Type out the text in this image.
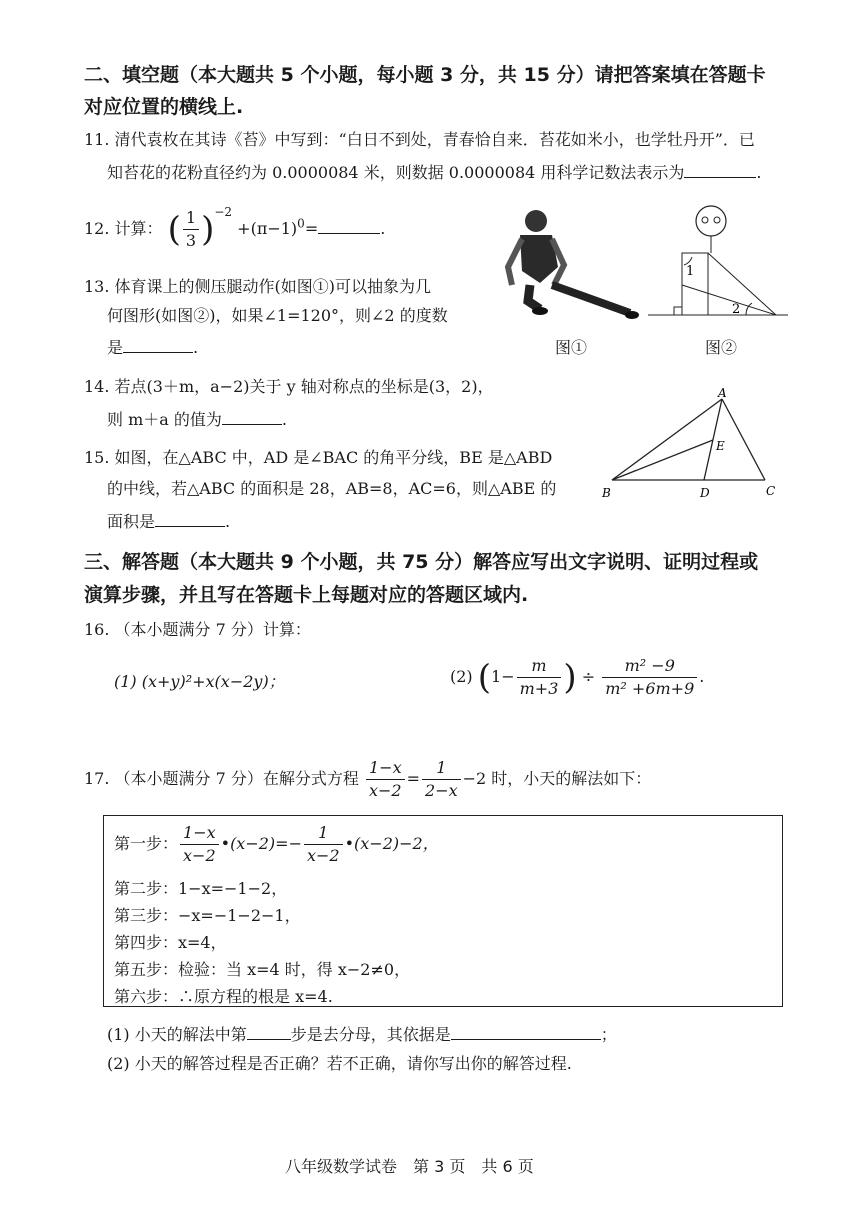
二、填空题（本大题共 5 个小题，每小题 3 分，共 15 分）请把答案填在答题卡
对应位置的横线上.
11. 清代袁枚在其诗《苔》中写到：“白日不到处，青春恰自来．苔花如米小，也学牡丹开”．已
知苔花的花粉直径约为 0.0000084 米，则数据 0.0000084 用科学记数法表示为	.
12. 计算： ( $\frac{1}{3} )^{-2} +(\pi-1)^0=$	.
13. 体育课上的侧压腿动作(如图①)可以抽象为几
何图形(如图②)，如果∠1=120°，则∠2 的度数
是	.	图①
1
2
图②
14. 若点(3＋m，a−2)关于 y 轴对称点的坐标是(3，2)，
则 m＋a 的值为	.
15. 如图，在△ABC 中，AD 是∠BAC 的角平分线，BE 是△ABD
的中线，若△ABC 的面积是 28，AB=8，AC=6，则△ABE 的
面积是	.
A
B	C
D
E
三、解答题（本大题共 9 个小题，共 75 分）解答应写出文字说明、证明过程或
演算步骤，并且写在答题卡上每题对应的答题区域内.
16. （本小题满分 7 分）计算：
(1) (x+y)²+x(x−2y)；	(2) ($1- \frac{m}{m+3}$ ) ÷ $\frac{\text{m² −9}}{\text{m² +6m+9}}$ .
17. （本小题满分 7 分）在解分式方程 $\frac{1-x}{x-2} = \frac{1}{2-x} -2$ 时，小天的解法如下：
第一步： $\frac{1-x}{x-2}$ •(x−2)=− $\frac{1}{x-2}$ •(x−2)−2，
第二步：1−x=−1−2，
第三步：−x=−1−2−1，
第四步：x=4，
第五步：检验：当 x=4 时，得 x−2≠0，
第六步：∴原方程的根是 x=4.
(1) 小天的解法中第	步是去分母，其依据是	；
(2) 小天的解答过程是否正确？若不正确，请你写出你的解答过程.
八年级数学试卷　第 3 页　共 6 页
